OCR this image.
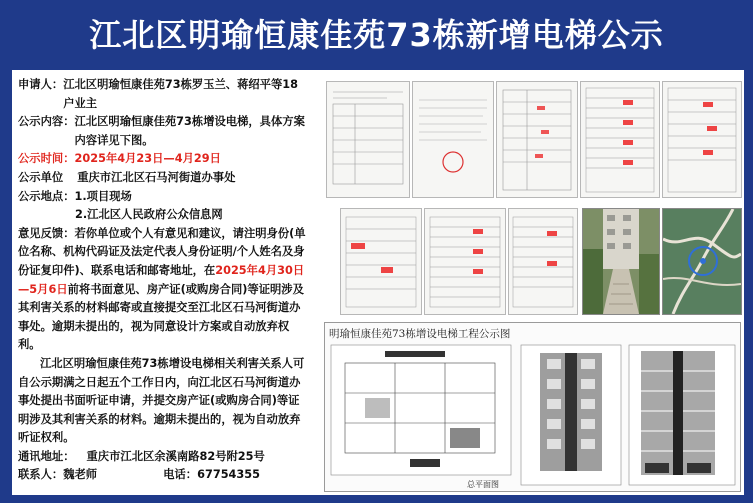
江北区明瑜恒康佳苑73栋新增电梯公示
申请人： 江北区明瑜恒康佳苑73栋罗玉兰、蒋绍平等18户业主
公示内容： 江北区明瑜恒康佳苑73栋增设电梯，具体方案内容详见下图。
公示时间： 2025年4月23日—4月29日
公示单位	重庆市江北区石马河街道办事处
公示地点： 1.项目现场
2.江北区人民政府公众信息网
意见反馈：若你单位或个人有意见和建议，请注明身份(单位名称、机构代码证及法定代表人身份证明/个人姓名及身份证复印件)、联系电话和邮寄地址，在2025年4月30日—5月6日前将书面意见、房产证(或购房合同)等证明涉及其利害关系的材料邮寄或直接提交至江北区石马河街道办事处。逾期未提出的，视为同意设计方案或自动放弃权利。
江北区明瑜恒康佳苑73栋增设电梯相关利害关系人可自公示期满之日起五个工作日内，向江北区石马河街道办事处提出书面听证申请，并提交房产证(或购房合同)等证明涉及其利害关系的材料。逾期未提出的，视为自动放弃听证权利。
通讯地址：	重庆市江北区余溪南路82号附25号
联系人： 魏老师	电话： 67754355
明瑜恒康佳苑73栋增设电梯工程公示图
总平面图
